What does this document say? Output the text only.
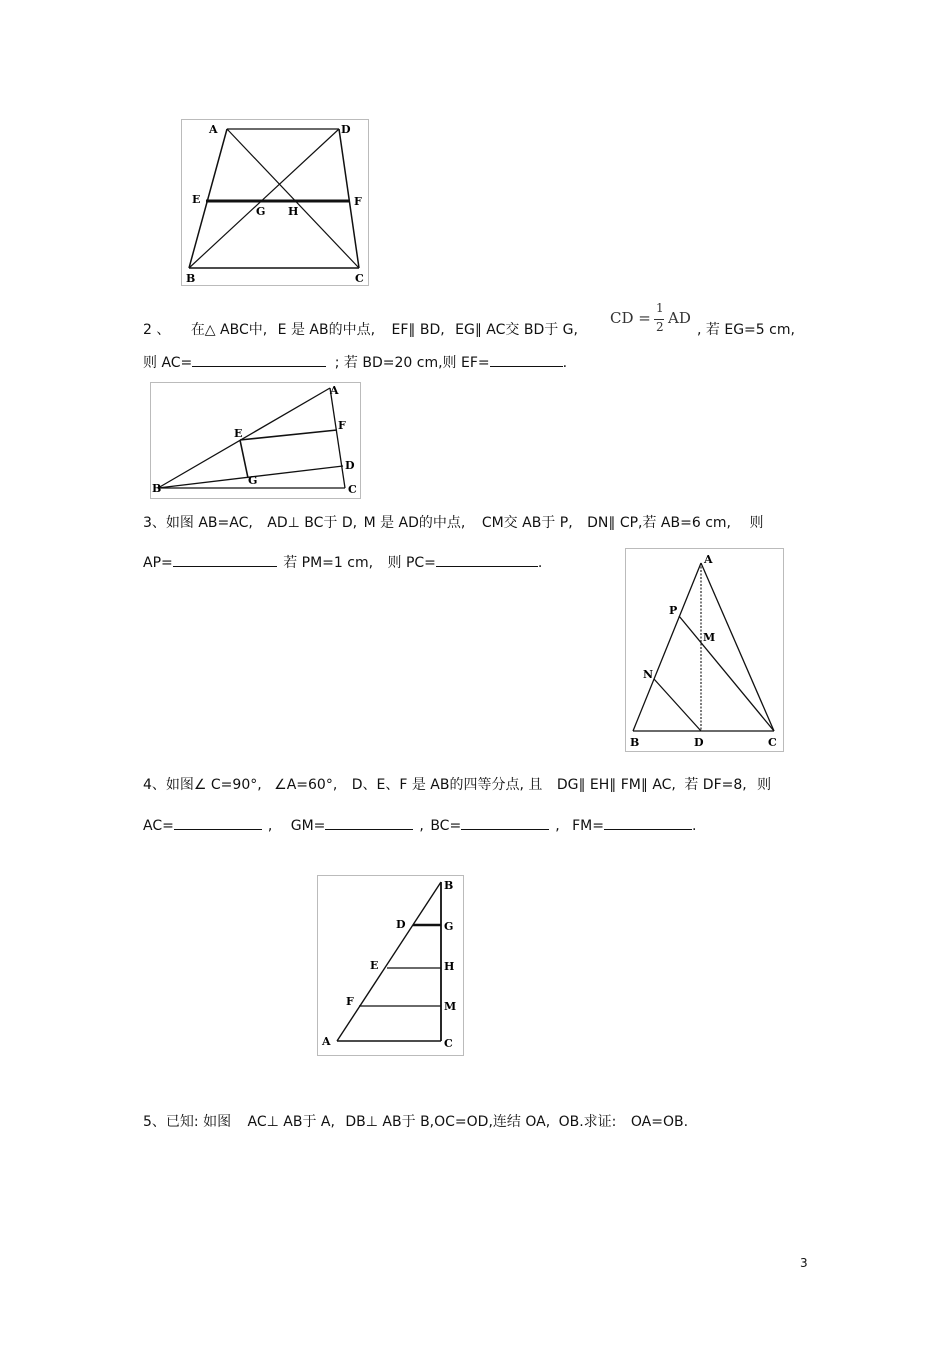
A	D
E	F
G H
B	C
2 、 在△ ABC中, E 是 AB的中点, EF∥ BD, EG∥ AC交 BD于 G,
CD =
1
2 AD
, 若 EG=5 cm,
则 AC=	; 若 BD=20 cm,则 EF=	.
A
E
F
D
G
B	C
3、如图 AB=AC, AD⊥ BC于 D, M 是 AD的中点, CM交 AB于 P, DN∥ CP,若 AB=6 cm, 则
AP=	若 PM=1 cm, 则 PC=	.	A
P
M
N
B	D	C
4、如图∠ C=90°, ∠A=60°, D、E、F 是 AB的四等分点, 且 DG∥ EH∥ FM∥ AC, 若 DF=8, 则
AC=	, GM=	, BC=	, FM=	.
B
D	G
E	H
F	M
A	C
5、已知: 如图 AC⊥ AB于 A, DB⊥ AB于 B,OC=OD,连结 OA, OB.求证: OA=OB.
3
